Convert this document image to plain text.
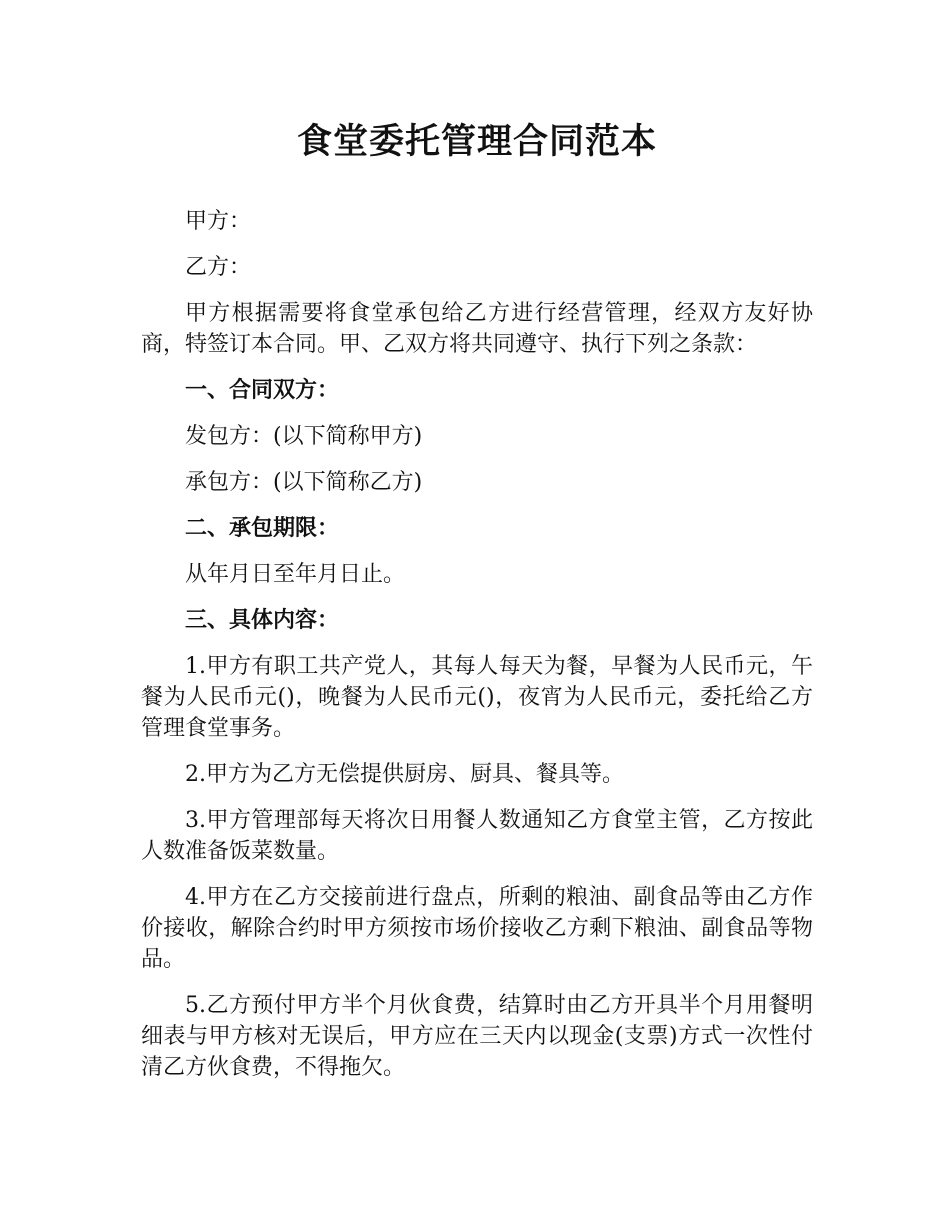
食堂委托管理合同范本

甲方：

乙方：

甲方根据需要将食堂承包给乙方进行经营管理，经双方友好协商，特签订本合同。甲、乙双方将共同遵守、执行下列之条款：

一、合同双方：

发包方：(以下简称甲方)

承包方：(以下简称乙方)

二、承包期限：

从年月日至年月日止。

三、具体内容：

1.甲方有职工共产党人，其每人每天为餐，早餐为人民币元，午餐为人民币元()，晚餐为人民币元()，夜宵为人民币元，委托给乙方管理食堂事务。

2.甲方为乙方无偿提供厨房、厨具、餐具等。

3.甲方管理部每天将次日用餐人数通知乙方食堂主管，乙方按此人数准备饭菜数量。

4.甲方在乙方交接前进行盘点，所剩的粮油、副食品等由乙方作价接收，解除合约时甲方须按市场价接收乙方剩下粮油、副食品等物品。

5.乙方预付甲方半个月伙食费，结算时由乙方开具半个月用餐明细表与甲方核对无误后，甲方应在三天内以现金(支票)方式一次性付清乙方伙食费，不得拖欠。
